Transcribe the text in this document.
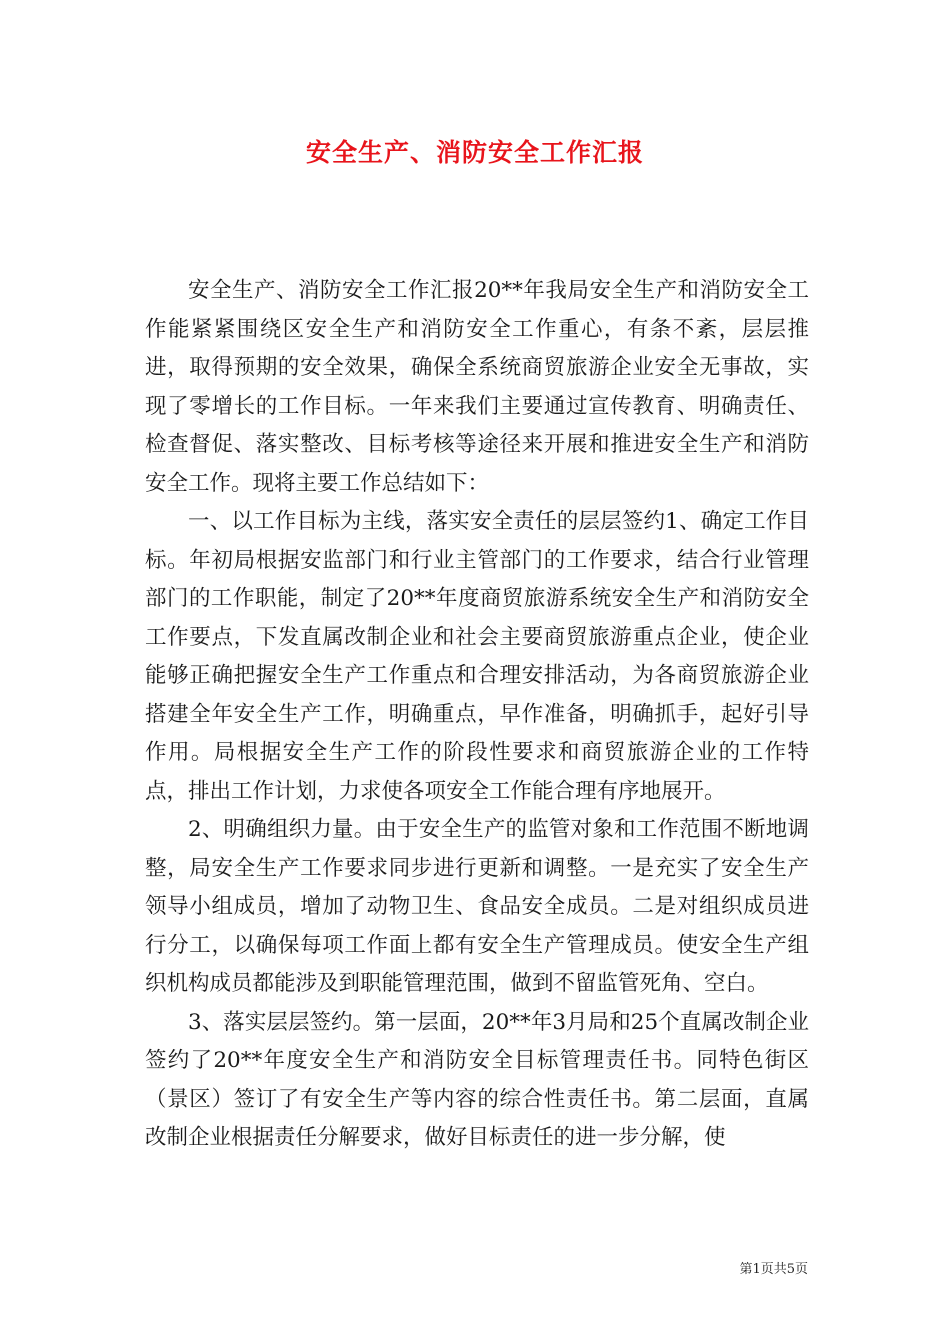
安全生产、消防安全工作汇报

安全生产、消防安全工作汇报20**年我局安全生产和消防安全工作能紧紧围绕区安全生产和消防安全工作重心，有条不紊，层层推进，取得预期的安全效果，确保全系统商贸旅游企业安全无事故，实现了零增长的工作目标。一年来我们主要通过宣传教育、明确责任、检查督促、落实整改、目标考核等途径来开展和推进安全生产和消防安全工作。现将主要工作总结如下：

一、以工作目标为主线，落实安全责任的层层签约1、确定工作目标。年初局根据安监部门和行业主管部门的工作要求，结合行业管理部门的工作职能，制定了20**年度商贸旅游系统安全生产和消防安全工作要点，下发直属改制企业和社会主要商贸旅游重点企业，使企业能够正确把握安全生产工作重点和合理安排活动，为各商贸旅游企业搭建全年安全生产工作，明确重点，早作准备，明确抓手，起好引导作用。局根据安全生产工作的阶段性要求和商贸旅游企业的工作特点，排出工作计划，力求使各项安全工作能合理有序地展开。

2、明确组织力量。由于安全生产的监管对象和工作范围不断地调整，局安全生产工作要求同步进行更新和调整。一是充实了安全生产领导小组成员，增加了动物卫生、食品安全成员。二是对组织成员进行分工，以确保每项工作面上都有安全生产管理成员。使安全生产组织机构成员都能涉及到职能管理范围，做到不留监管死角、空白。

3、落实层层签约。第一层面，20**年3月局和25个直属改制企业签约了20**年度安全生产和消防安全目标管理责任书。同特色街区（景区）签订了有安全生产等内容的综合性责任书。第二层面，直属改制企业根据责任分解要求，做好目标责任的进一步分解，使

第1页共5页
